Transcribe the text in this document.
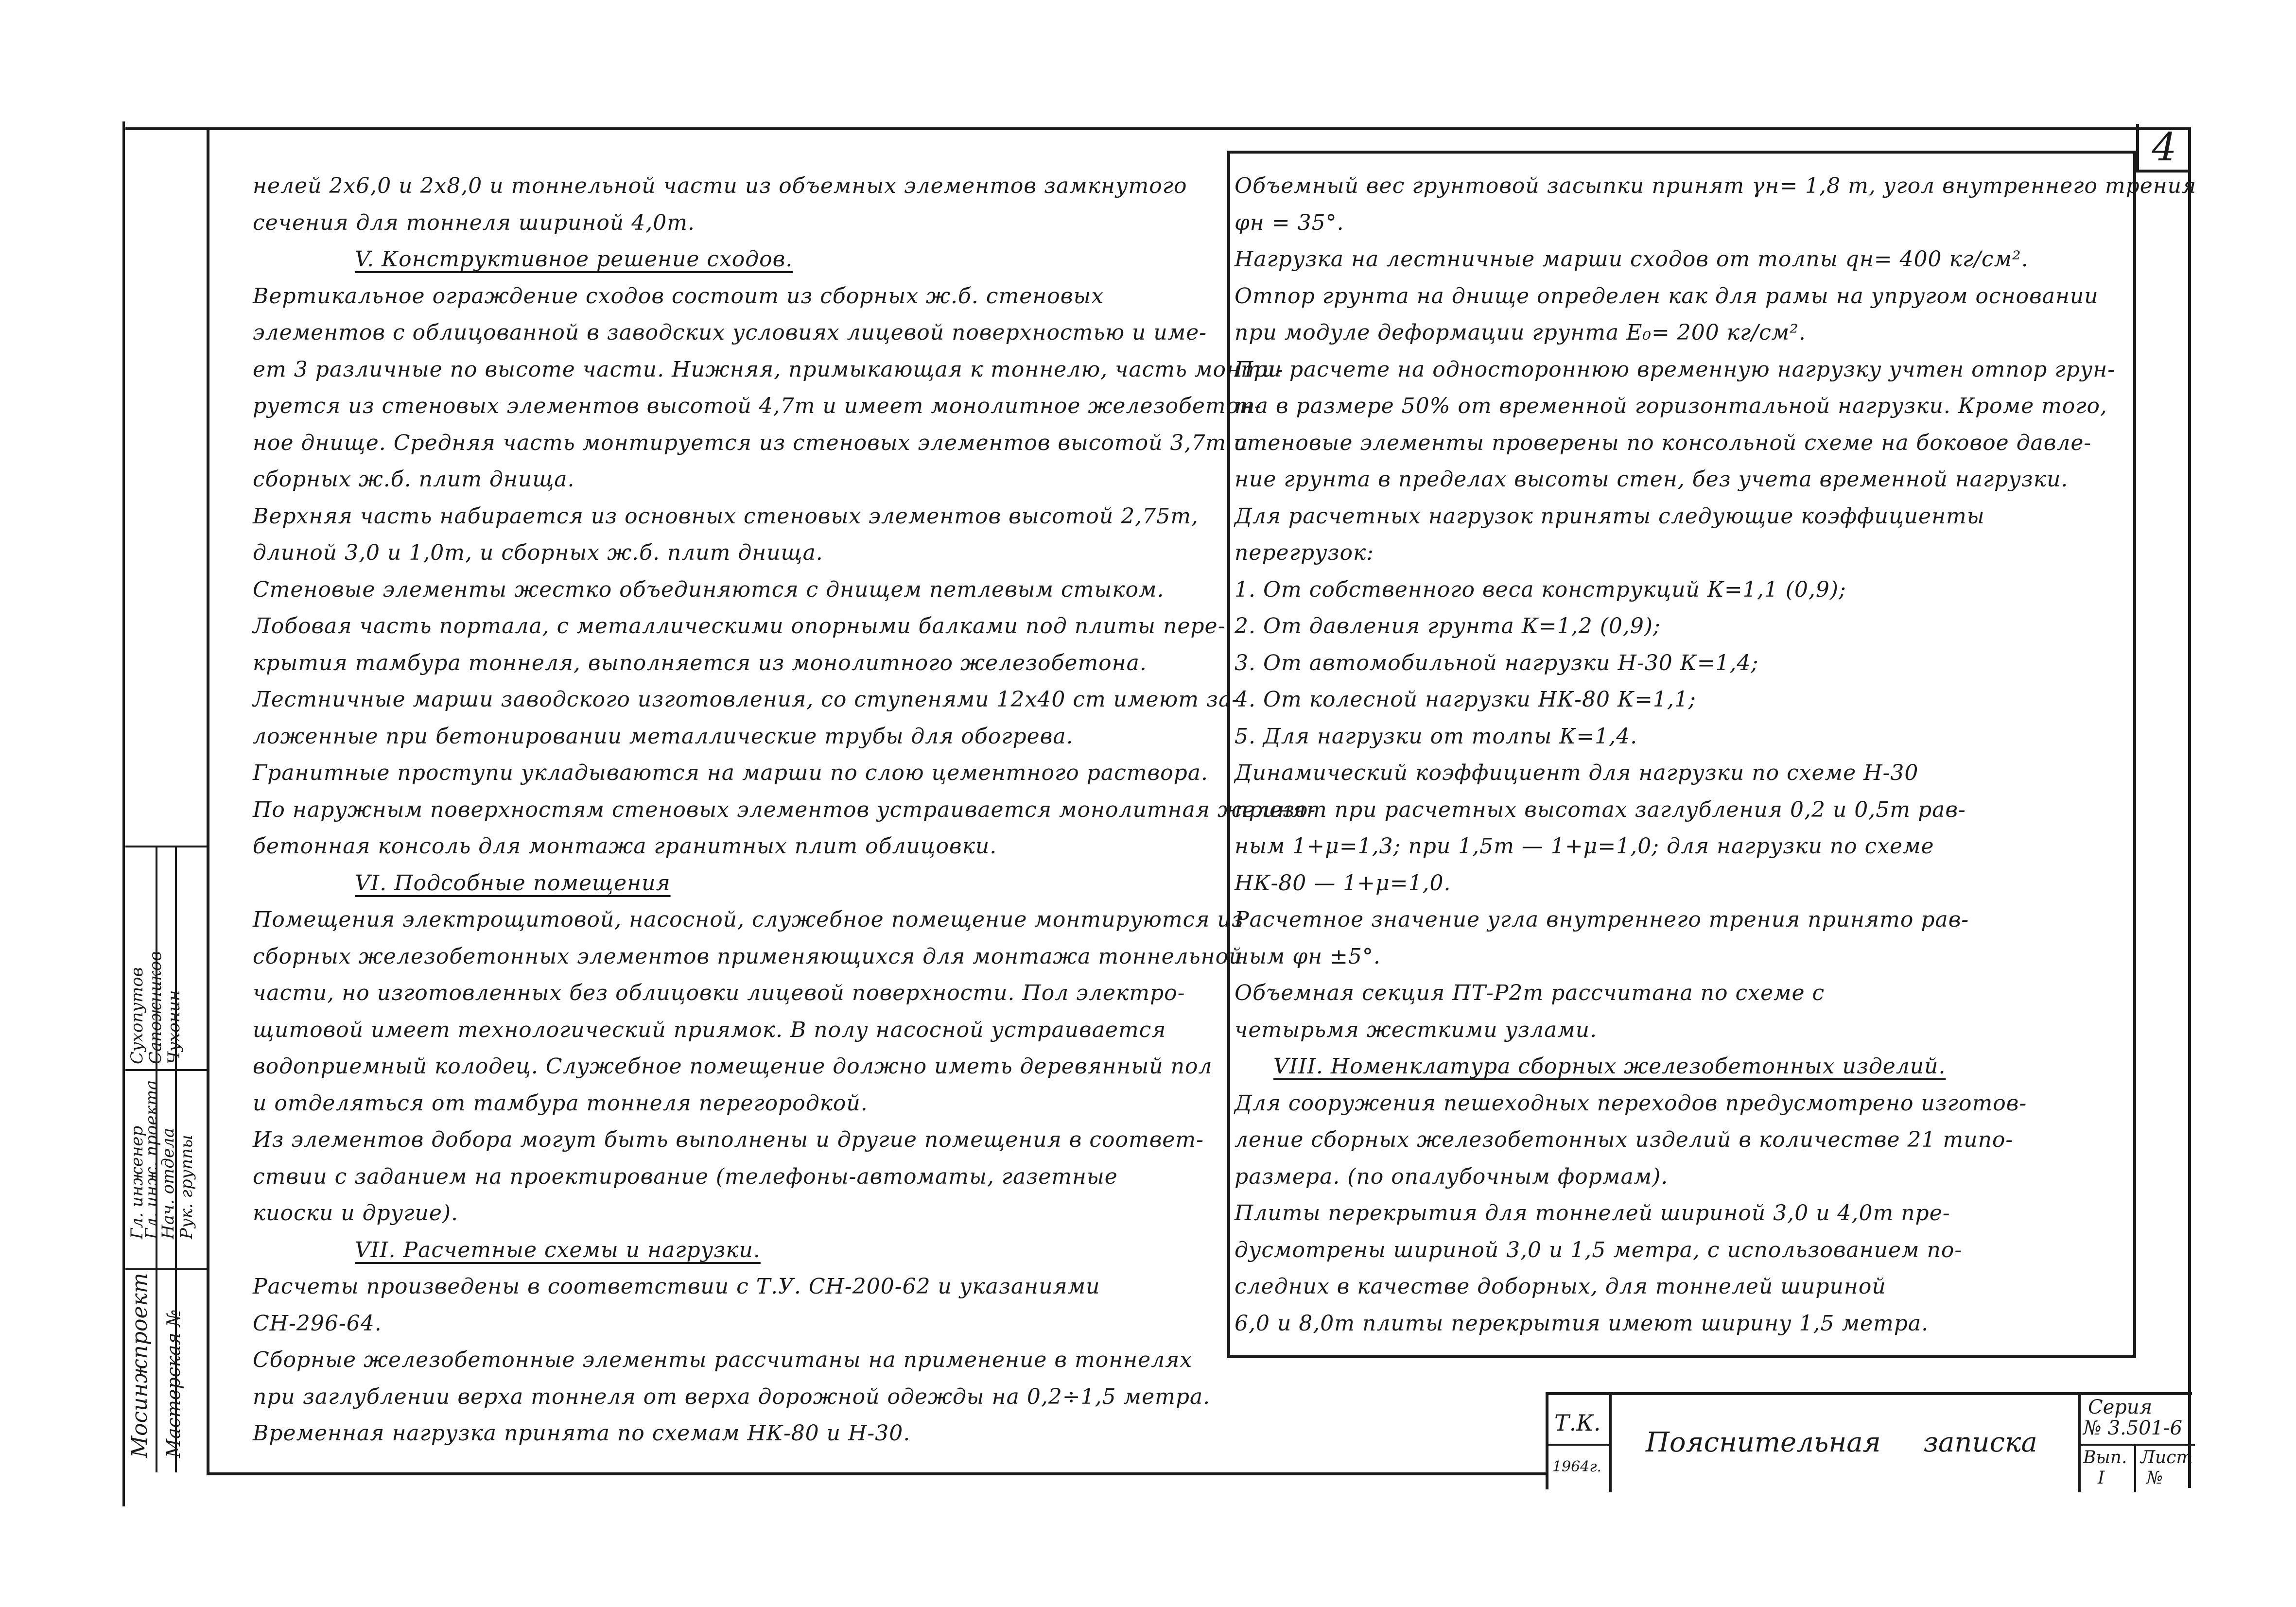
4
Мосинжпроект Мастерская №
Гл. инженер
Гл. инж. проекта
Нач. отдела
Рук. группы
Сухопутов
Сапожников
Чухонин

нелей 2х6,0 и 2х8,0 и тоннельной части из объемных элементов замкнутого

сечения для тоннеля шириной 4,0т.

V. Конструктивное решение сходов.

Вертикальное ограждение сходов состоит из сборных ж.б. стеновых

элементов с облицованной в заводских условиях лицевой поверхностью и име-

ет 3 различные по высоте части. Нижняя, примыкающая к тоннелю, часть монти-

руется из стеновых элементов высотой 4,7т и имеет монолитное железобетон-

ное днище. Средняя часть монтируется из стеновых элементов высотой 3,7т и

сборных ж.б. плит днища.

Верхняя часть набирается из основных стеновых элементов высотой 2,75т,

длиной 3,0 и 1,0т, и сборных ж.б. плит днища.

Стеновые элементы жестко объединяются с днищем петлевым стыком.

Лобовая часть портала, с металлическими опорными балками под плиты пере-

крытия тамбура тоннеля, выполняется из монолитного железобетона.

Лестничные марши заводского изготовления, со ступенями 12х40 ст имеют за-

ложенные при бетонировании металлические трубы для обогрева.

Гранитные проступи укладываются на марши по слою цементного раствора.

По наружным поверхностям стеновых элементов устраивается монолитная железо-

бетонная консоль для монтажа гранитных плит облицовки.

VI. Подсобные помещения

Помещения электрощитовой, насосной, служебное помещение монтируются из

сборных железобетонных элементов применяющихся для монтажа тоннельной

части, но изготовленных без облицовки лицевой поверхности. Пол электро-

щитовой имеет технологический приямок. В полу насосной устраивается

водоприемный колодец. Служебное помещение должно иметь деревянный пол

и отделяться от тамбура тоннеля перегородкой.

Из элементов добора могут быть выполнены и другие помещения в соответ-

ствии с заданием на проектирование (телефоны-автоматы, газетные

киоски и другие).

VII. Расчетные схемы и нагрузки.

Расчеты произведены в соответствии с Т.У. СН-200-62 и указаниями

СН-296-64.

Сборные железобетонные элементы рассчитаны на применение в тоннелях

при заглублении верха тоннеля от верха дорожной одежды на 0,2÷1,5 метра.

Временная нагрузка принята по схемам НК-80 и Н-30.

Объемный вес грунтовой засыпки принят γн= 1,8 т, угол внутреннего трения

φн = 35°.

Нагрузка на лестничные марши сходов от толпы qн= 400 кг/см².

Отпор грунта на днище определен как для рамы на упругом основании

при модуле деформации грунта Е₀= 200 кг/см².

При расчете на одностороннюю временную нагрузку учтен отпор грун-

та в размере 50% от временной горизонтальной нагрузки. Кроме того,

стеновые элементы проверены по консольной схеме на боковое давле-

ние грунта в пределах высоты стен, без учета временной нагрузки.

Для расчетных нагрузок приняты следующие коэффициенты

перегрузок:

1. От собственного веса конструкций К=1,1 (0,9);

2. От давления грунта К=1,2 (0,9);

3. От автомобильной нагрузки Н-30 К=1,4;

4. От колесной нагрузки НК-80 К=1,1;

5. Для нагрузки от толпы К=1,4.

Динамический коэффициент для нагрузки по схеме Н-30

принят при расчетных высотах заглубления 0,2 и 0,5т рав-

ным 1+μ=1,3; при 1,5т — 1+μ=1,0; для нагрузки по схеме

НК-80 — 1+μ=1,0.

Расчетное значение угла внутреннего трения принято рав-

ным φн ±5°.

Объемная секция ПТ-Р2т рассчитана по схеме с

четырьмя жесткими узлами.

VIII. Номенклатура сборных железобетонных изделий.

Для сооружения пешеходных переходов предусмотрено изготов-

ление сборных железобетонных изделий в количестве 21 типо-

размера. (по опалубочным формам).

Плиты перекрытия для тоннелей шириной 3,0 и 4,0т пре-

дусмотрены шириной 3,0 и 1,5 метра, с использованием по-

следних в качестве доборных, для тоннелей шириной

6,0 и 8,0т плиты перекрытия имеют ширину 1,5 метра.

Т.К.
1964г.
Пояснительная записка
Серия
№ 3.501-6
Вып.
I
Лист
№
